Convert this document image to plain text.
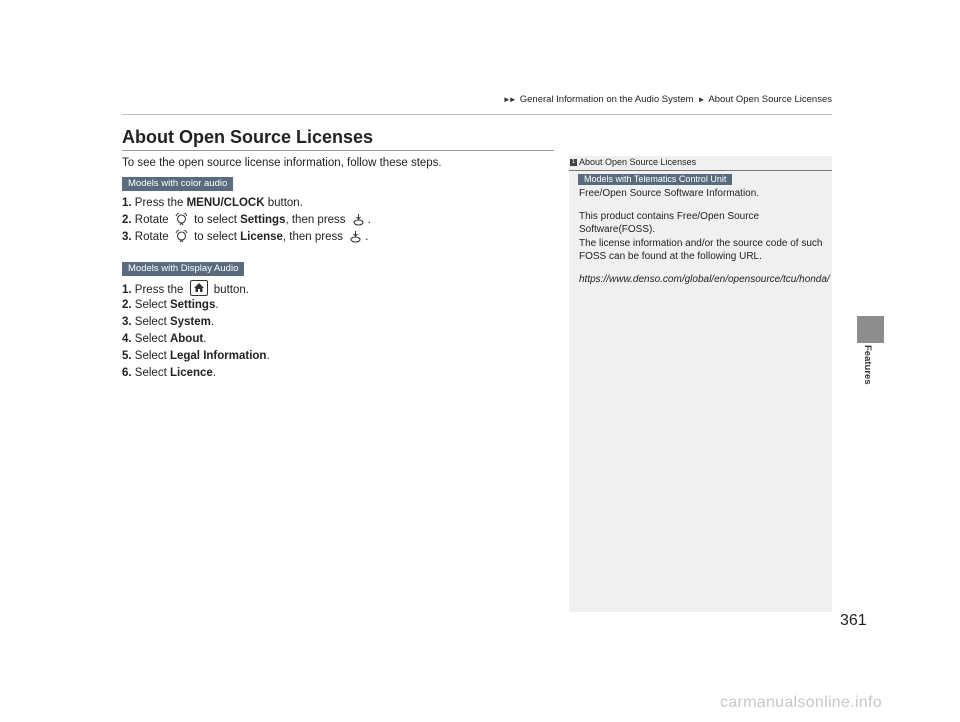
►► General Information on the Audio System ► About Open Source Licenses
About Open Source Licenses

To see the open source license information, follow these steps.

Models with color audio
1. Press the MENU/CLOCK button.
2. Rotate  to select Settings, then press .
3. Rotate  to select License, then press .
Models with Display Audio
1. Press the
button.
2. Select Settings.
3. Select System.
4. Select About.
5. Select Legal Information.
6. Select Licence.
1 About Open Source Licenses
Models with Telematics Control Unit

Free/Open Source Software Information.

This product contains Free/Open Source Software(FOSS).

The license information and/or the source code of such FOSS can be found at the following URL.

https://www.denso.com/global/en/opensource/tcu/honda/

Features
361
carmanualsonline.info
